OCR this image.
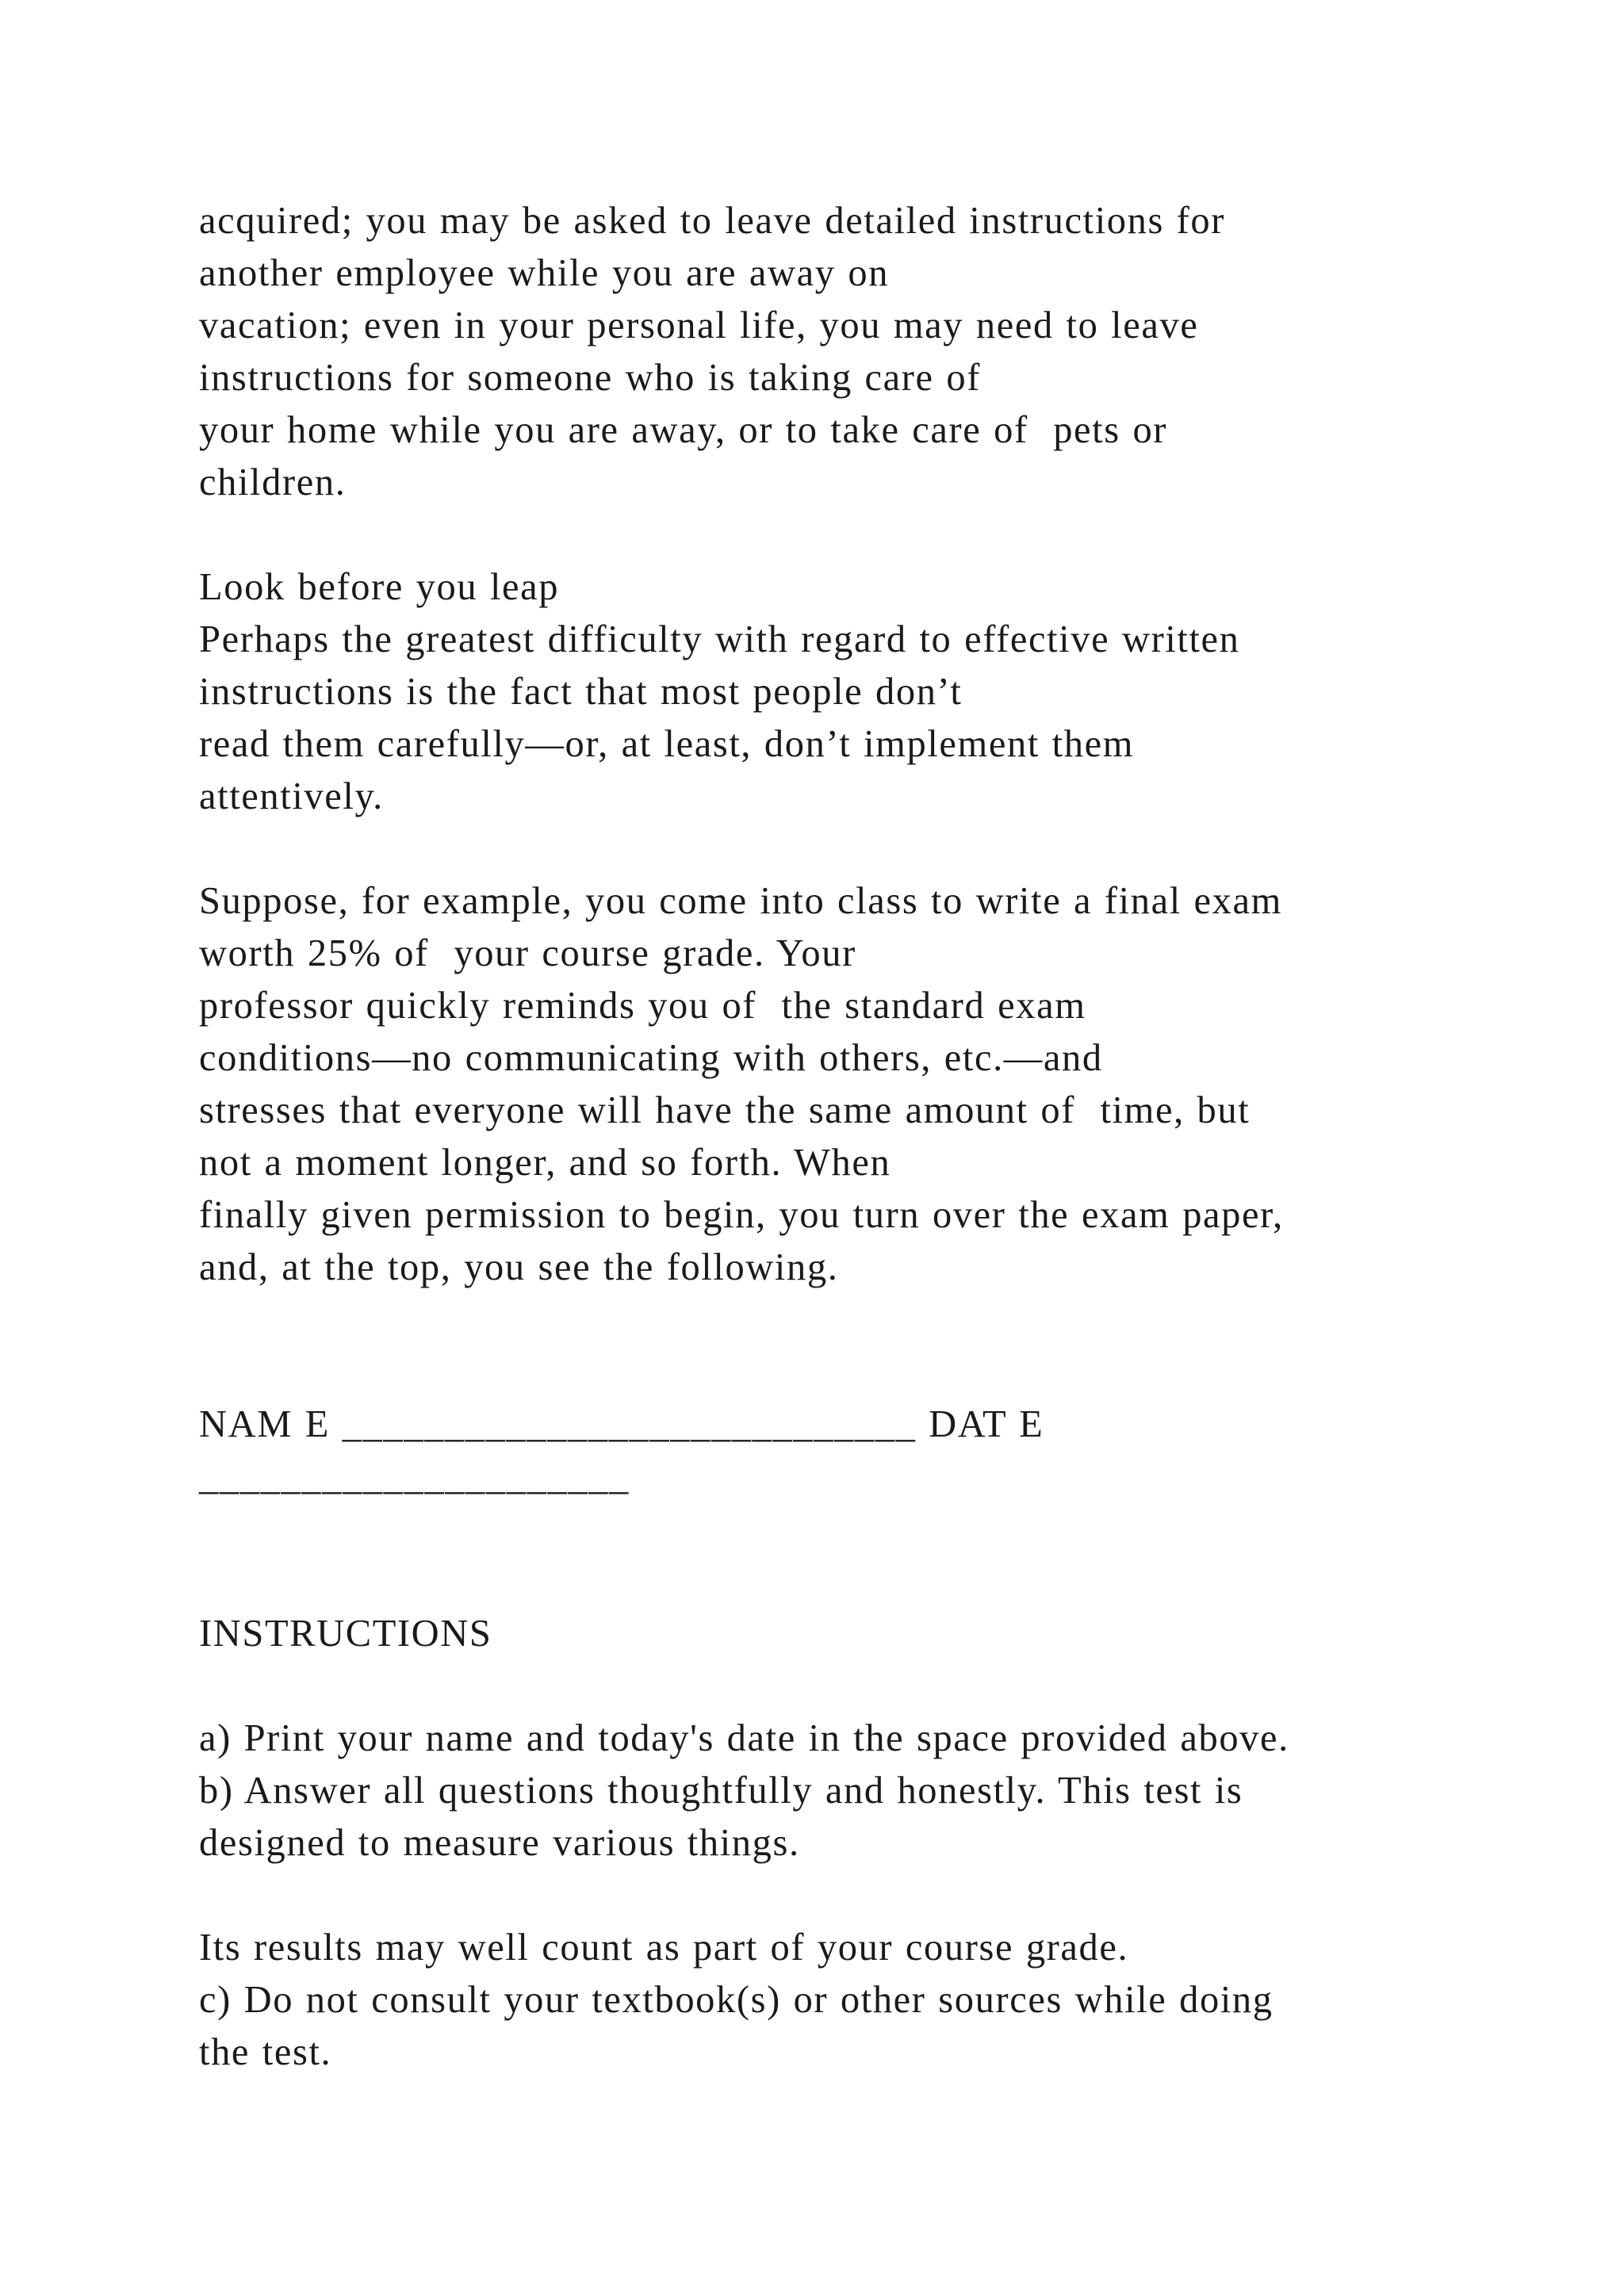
acquired; you may be asked to leave detailed instructions for
another employee while you are away on
vacation; even in your personal life, you may need to leave
instructions for someone who is taking care of
your home while you are away, or to take care of  pets or
children.
Look before you leap
Perhaps the greatest difficulty with regard to effective written
instructions is the fact that most people don’t
read them carefully—or, at least, don’t implement them
attentively.
Suppose, for example, you come into class to write a final exam
worth 25% of  your course grade. Your
professor quickly reminds you of  the standard exam
conditions—no communicating with others, etc.—and
stresses that everyone will have the same amount of  time, but
not a moment longer, and so forth. When
finally given permission to begin, you turn over the exam paper,
and, at the top, you see the following.
NAM E ____________________________ DAT E
_____________________
INSTRUCTIONS
a) Print your name and today's date in the space provided above.
b) Answer all questions thoughtfully and honestly. This test is
designed to measure various things.
Its results may well count as part of your course grade.
c) Do not consult your textbook(s) or other sources while doing
the test.
